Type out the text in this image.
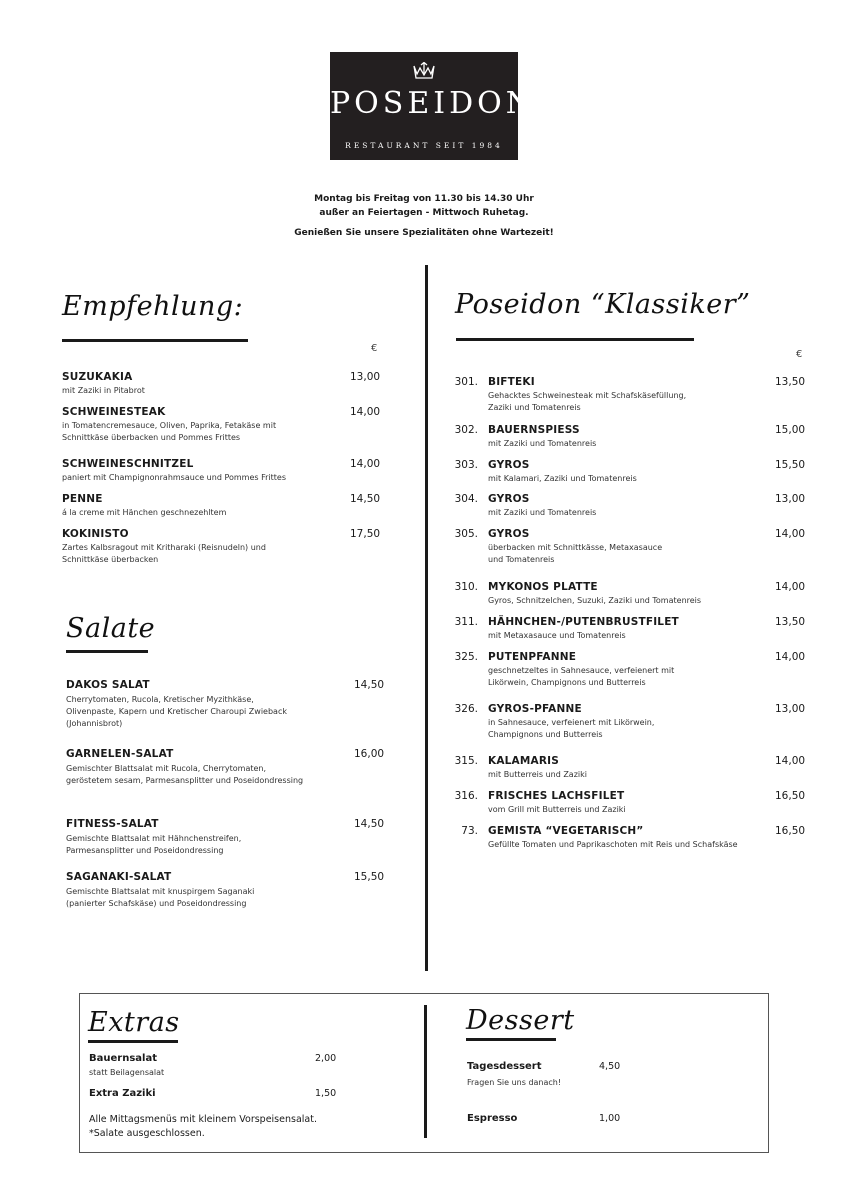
POSEIDON
RESTAURANT SEIT 1984
Montag bis Freitag von 11.30 bis 14.30 Uhr
außer an Feiertagen - Mittwoch Ruhetag.
Genießen Sie unsere Spezialitäten ohne Wartezeit!
Empfehlung:
€
SUZUKAKIA
mit Zaziki in Pitabrot
13,00
SCHWEINESTEAK
in Tomatencremesauce, Oliven, Paprika, Fetakäse mit
Schnittkäse überbacken und Pommes Frittes
14,00
SCHWEINESCHNITZEL
paniert mit Champignonrahmsauce und Pommes Frittes
14,00
PENNE
á la creme mit Hänchen geschnezehltem
14,50
KOKINISTO
Zartes Kalbsragout mit Kritharaki (Reisnudeln) und
Schnittkäse überbacken
17,50
Salate
DAKOS SALAT
Cherrytomaten, Rucola, Kretischer Myzithkäse,
Olivenpaste, Kapern und Kretischer Charoupi Zwieback
(Johannisbrot)
14,50
GARNELEN-SALAT
Gemischter Blattsalat mit Rucola, Cherrytomaten,
geröstetem sesam, Parmesansplitter und Poseidondressing
16,00
FITNESS-SALAT
Gemischte Blattsalat mit Hähnchenstreifen,
Parmesansplitter und Poseidondressing
14,50
SAGANAKI-SALAT
Gemischte Blattsalat mit knuspirgem Saganaki
(panierter Schafskäse) und Poseidondressing
15,50
Poseidon “Klassiker”
€
301. BIFTEKI
Gehacktes Schweinesteak mit Schafskäsefüllung,
Zaziki und Tomatenreis
13,50
302. BAUERNSPIESS
mit Zaziki und Tomatenreis
15,00
303. GYROS
mit Kalamari, Zaziki und Tomatenreis
15,50
304. GYROS
mit Zaziki und Tomatenreis
13,00
305. GYROS
überbacken mit Schnittkässe, Metaxasauce
und Tomatenreis
14,00
310. MYKONOS PLATTE
Gyros, Schnitzelchen, Suzuki, Zaziki und Tomatenreis
14,00
311. HÄHNCHEN-/PUTENBRUSTFILET
mit Metaxasauce und Tomatenreis
13,50
325. PUTENPFANNE
geschnetzeltes in Sahnesauce, verfeienert mit
Likörwein, Champignons und Butterreis
14,00
326. GYROS-PFANNE
in Sahnesauce, verfeienert mit Likörwein,
Champignons und Butterreis
13,00
315. KALAMARIS
mit Butterreis und Zaziki
14,00
316. FRISCHES LACHSFILET
vom Grill mit Butterreis und Zaziki
16,50
73. GEMISTA “VEGETARISCH”
Gefüllte Tomaten und Paprikaschoten mit Reis und Schafskäse
16,50
Extras
Bauernsalat
statt Beilagensalat
2,00
Extra Zaziki	1,50
Alle Mittagsmenüs mit kleinem Vorspeisensalat.
*Salate ausgeschlossen.
Dessert
Tagesdessert
Fragen Sie uns danach!
4,50
Espresso	1,00
